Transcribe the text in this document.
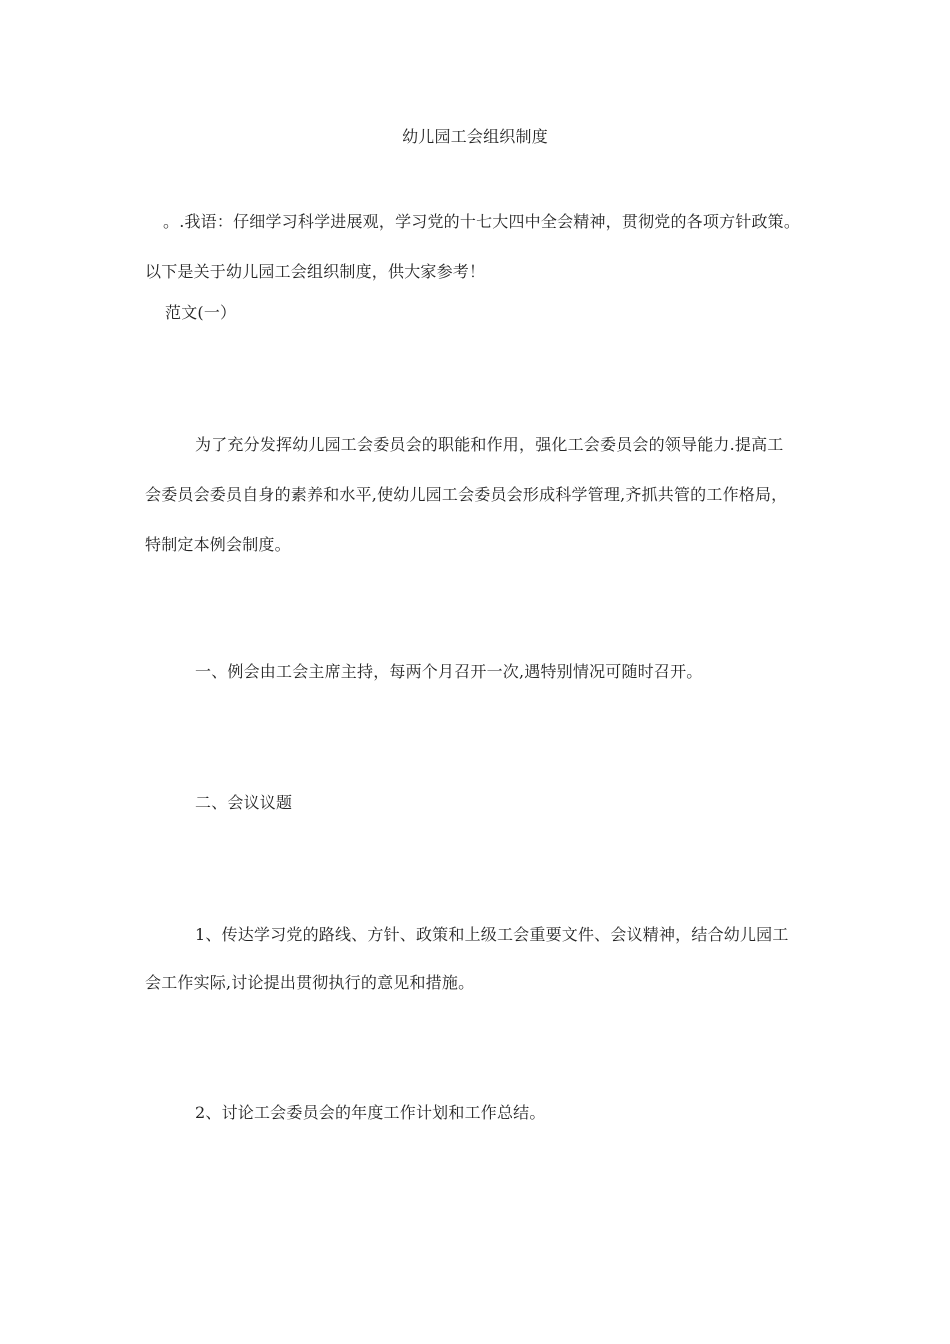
幼儿园工会组织制度
。.我语：仔细学习科学进展观，学习党的十七大四中全会精神，贯彻党的各项方针政策。
以下是关于幼儿园工会组织制度，供大家参考！
范文(一）
为了充分发挥幼儿园工会委员会的职能和作用，强化工会委员会的领导能力.提高工
会委员会委员自身的素养和水平,使幼儿园工会委员会形成科学管理,齐抓共管的工作格局，
特制定本例会制度。
一、例会由工会主席主持，每两个月召开一次,遇特别情况可随时召开。
二、会议议题
1、传达学习党的路线、方针、政策和上级工会重要文件、会议精神，结合幼儿园工
会工作实际,讨论提出贯彻执行的意见和措施。
2、讨论工会委员会的年度工作计划和工作总结。
